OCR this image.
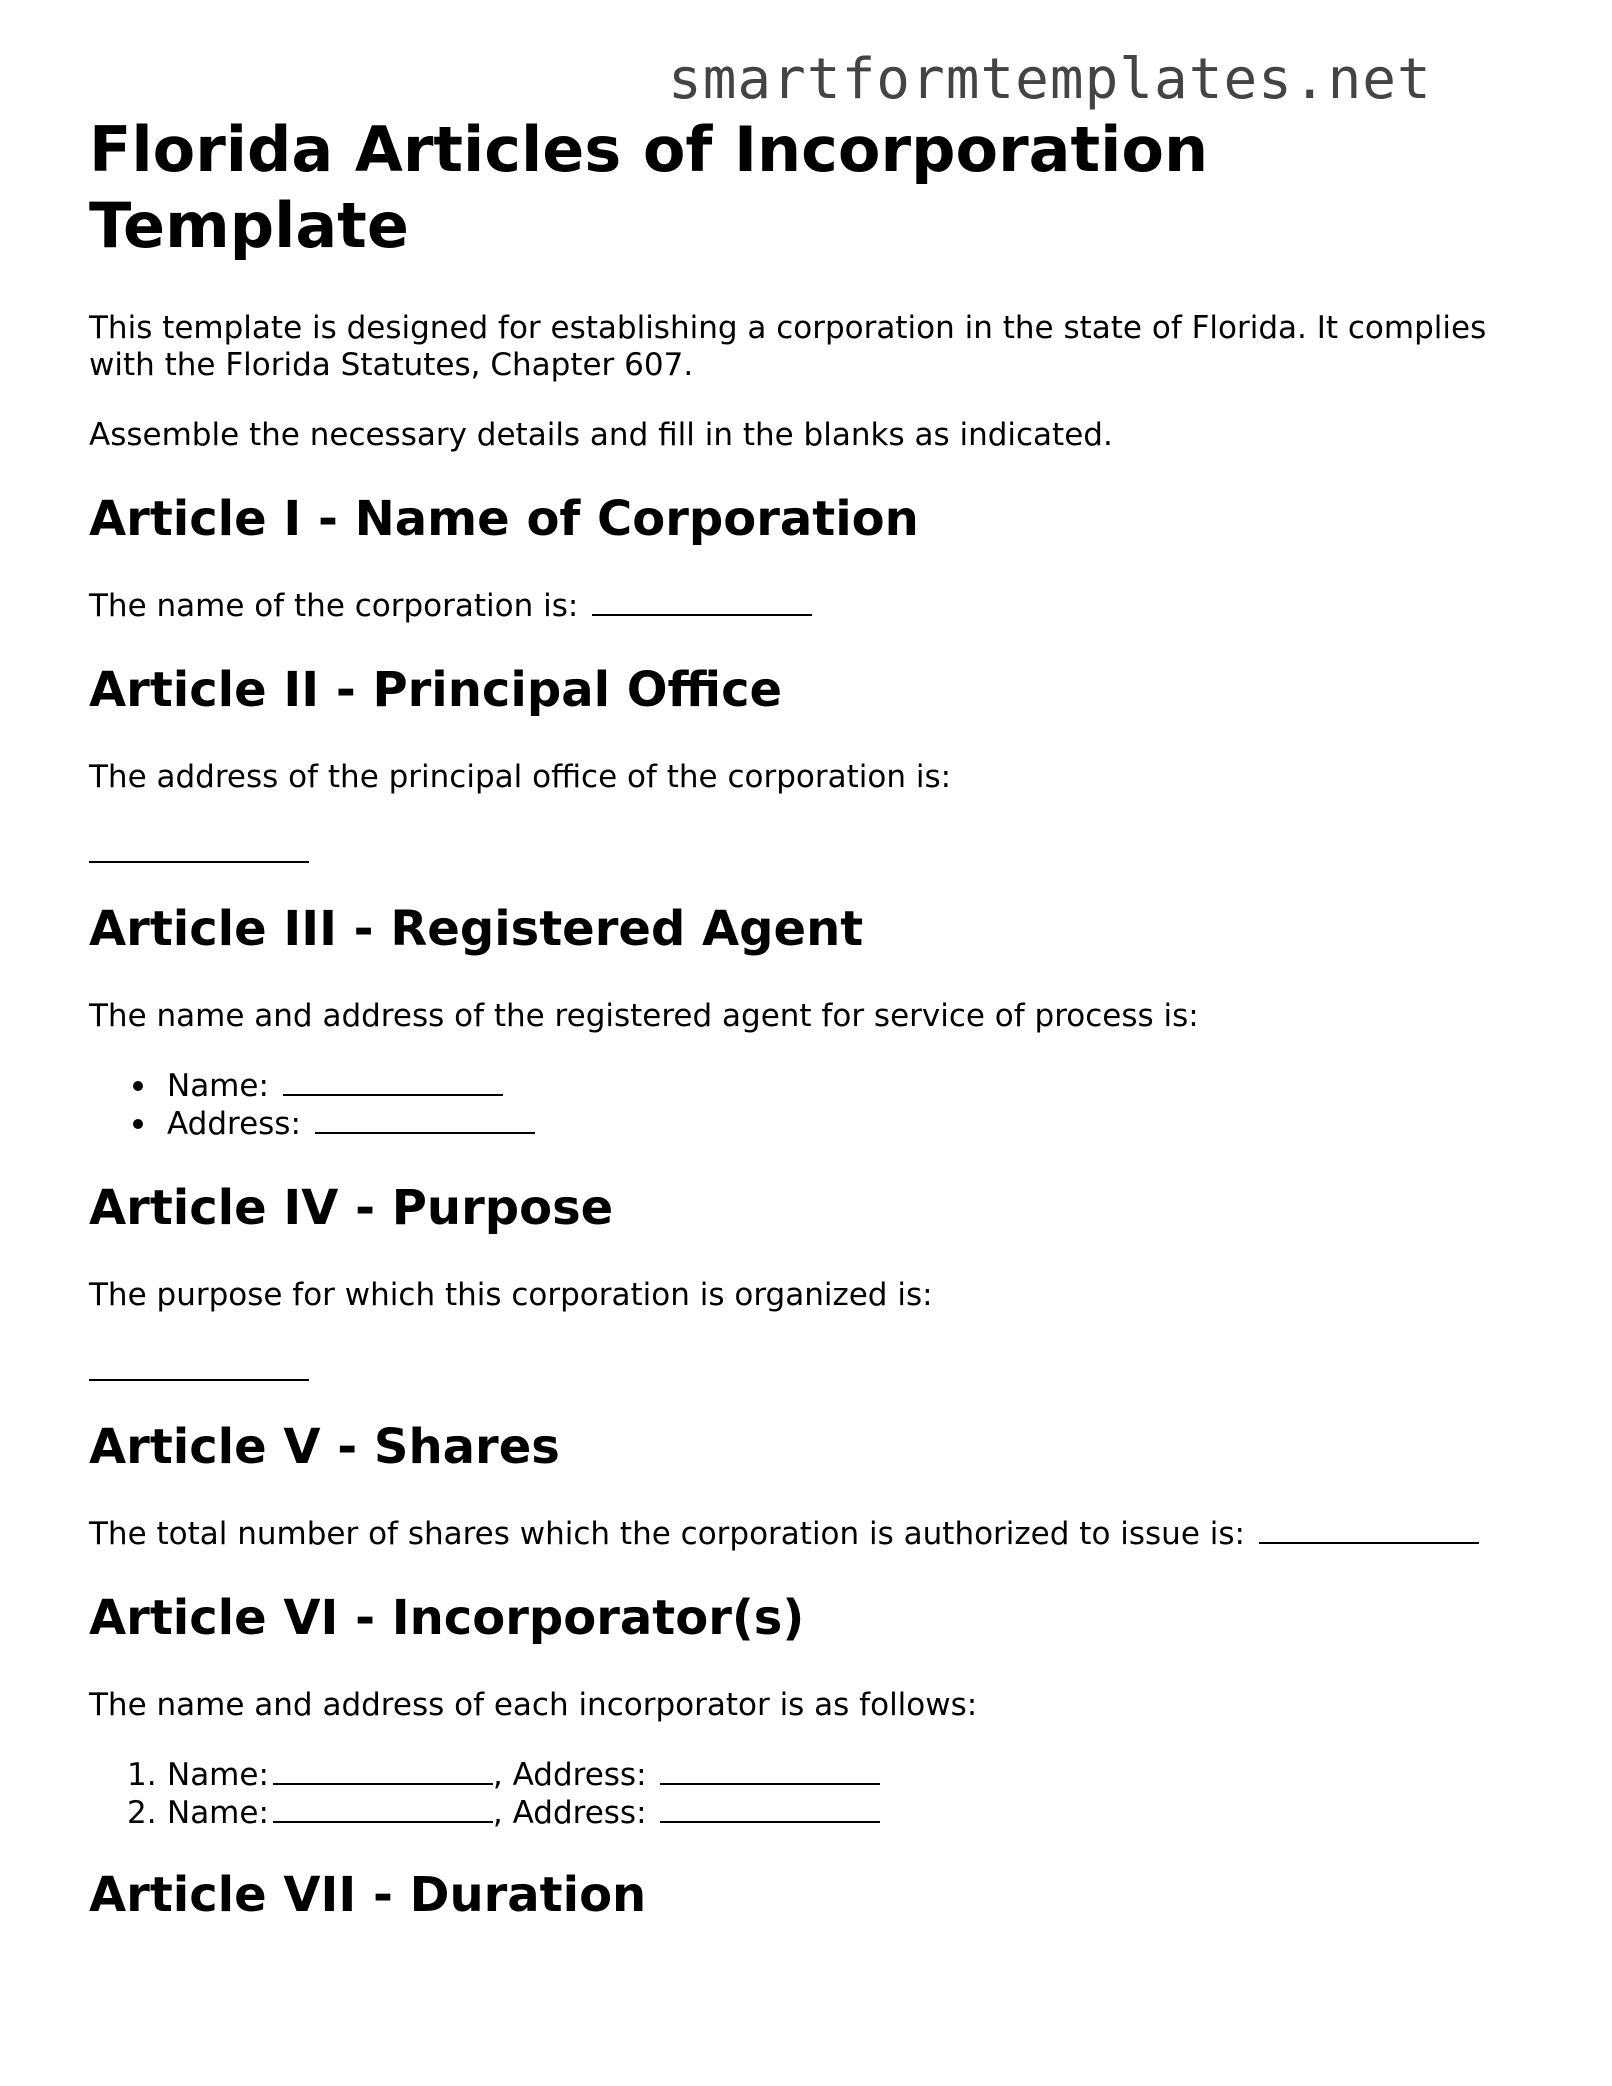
smartformtemplates.net
Florida Articles of Incorporation Template

This template is designed for establishing a corporation in the state of Florida. It complies

with the Florida Statutes, Chapter 607.

Assemble the necessary details and fill in the blanks as indicated.

Article I - Name of Corporation

The name of the corporation is:

Article II - Principal Office

The address of the principal office of the corporation is:

Article III - Registered Agent

The name and address of the registered agent for service of process is:

Name:
Address:
Article IV - Purpose

The purpose for which this corporation is organized is:

Article V - Shares

The total number of shares which the corporation is authorized to issue is:

Article VI - Incorporator(s)

The name and address of each incorporator is as follows:

1. Name:	, Address:
2. Name:	, Address:
Article VII - Duration
